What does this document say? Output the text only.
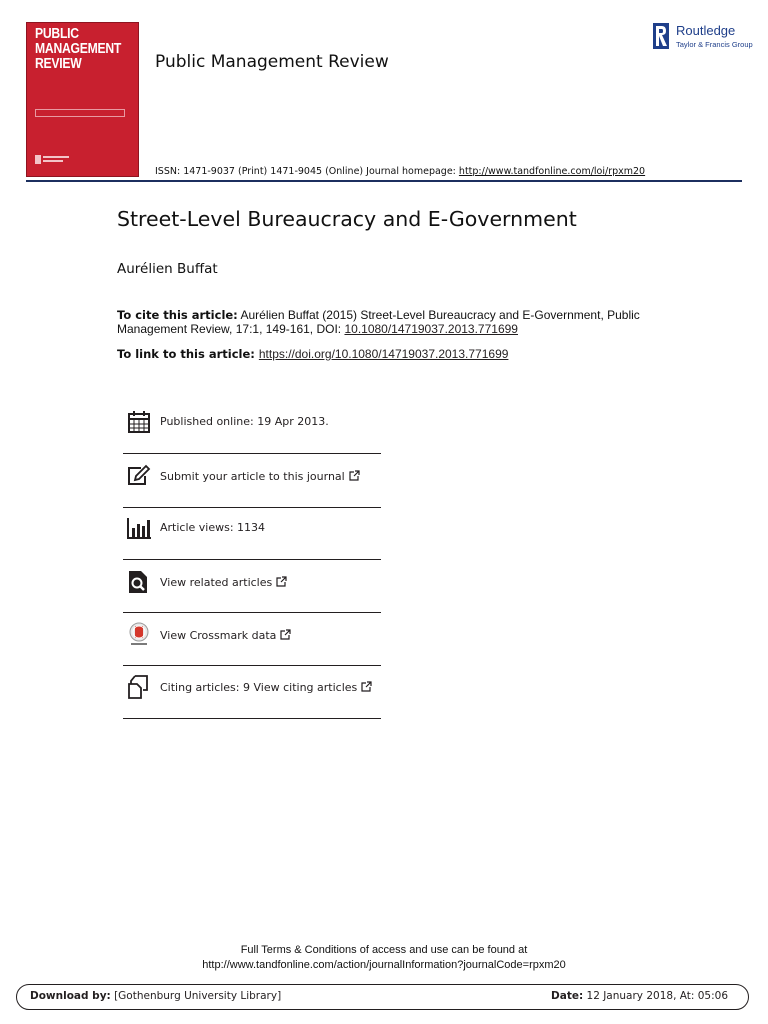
PUBLIC
MANAGEMENT
REVIEW	Public Management Review
Routledge
Taylor & Francis Group
ISSN: 1471-9037 (Print) 1471-9045 (Online) Journal homepage: http://www.tandfonline.com/loi/rpxm20
Street-Level Bureaucracy and E-Government
Aurélien Buffat
To cite this article: Aurélien Buffat (2015) Street-Level Bureaucracy and E-Government, Public Management Review, 17:1, 149-161, DOI: 10.1080/14719037.2013.771699
To link to this article: https://doi.org/10.1080/14719037.2013.771699
Published online: 19 Apr 2013.
Submit your article to this journal
Article views: 1134
View related articles
View Crossmark data
Citing articles: 9 View citing articles
Full Terms & Conditions of access and use can be found at
http://www.tandfonline.com/action/journalInformation?journalCode=rpxm20
Download by: [Gothenburg University Library]	Date: 12 January 2018, At: 05:06
